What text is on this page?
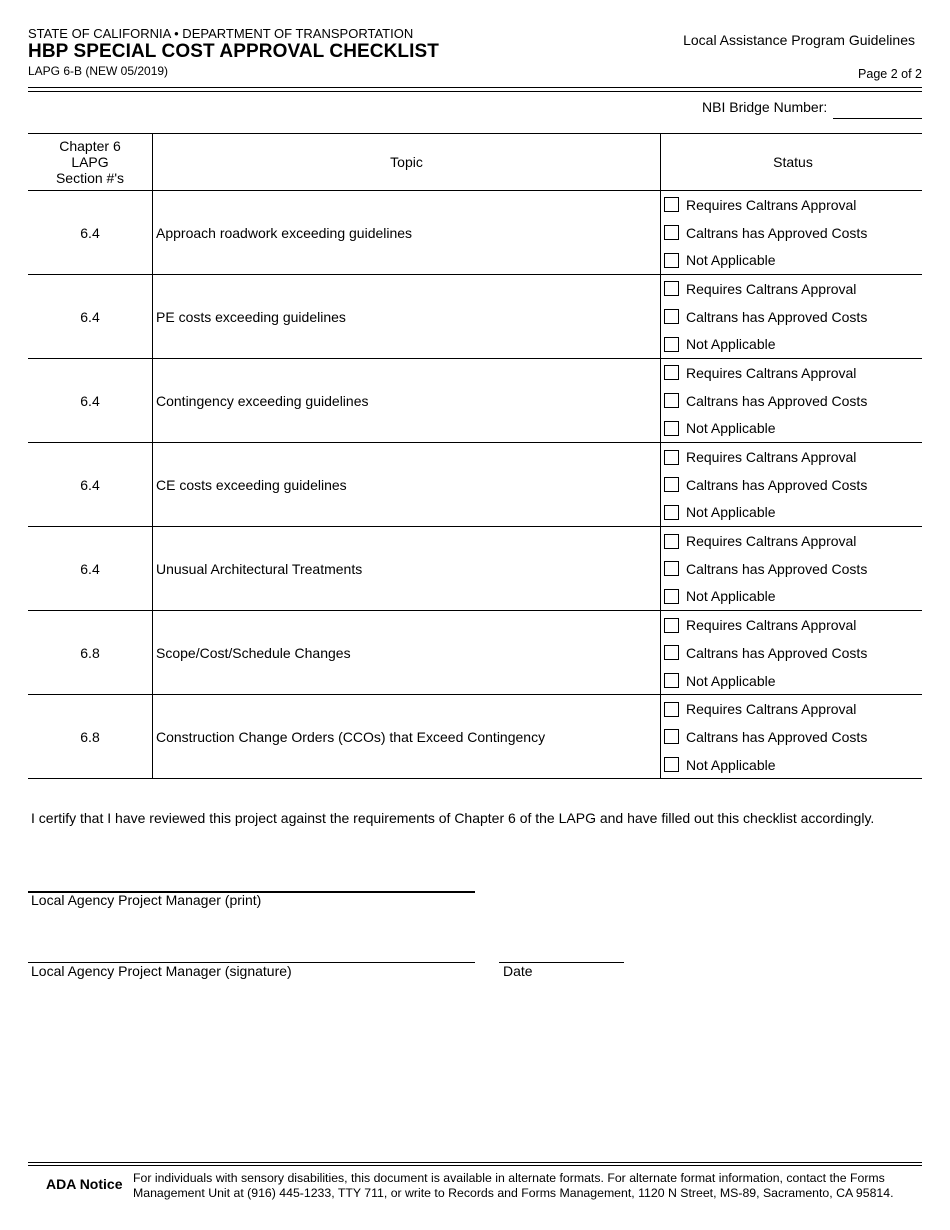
STATE OF CALIFORNIA • DEPARTMENT OF TRANSPORTATION
HBP SPECIAL COST APPROVAL CHECKLIST
LAPG 6-B (NEW 05/2019)
Local Assistance Program Guidelines
Page 2 of 2
NBI Bridge Number:
Chapter 6 LAPG Section #'s	Topic	Status
6.4	Approach roadwork exceeding guidelines	Requires Caltrans Approval
Caltrans has Approved Costs
Not Applicable

6.4	PE costs exceeding guidelines	Requires Caltrans Approval
Caltrans has Approved Costs
Not Applicable

6.4	Contingency exceeding guidelines	Requires Caltrans Approval
Caltrans has Approved Costs
Not Applicable

6.4	CE costs exceeding guidelines	Requires Caltrans Approval
Caltrans has Approved Costs
Not Applicable

6.4	Unusual Architectural Treatments	Requires Caltrans Approval
Caltrans has Approved Costs
Not Applicable

6.8	Scope/Cost/Schedule Changes	Requires Caltrans Approval
Caltrans has Approved Costs
Not Applicable

6.8	Construction Change Orders (CCOs) that Exceed Contingency	Requires Caltrans Approval
Caltrans has Approved Costs
Not Applicable
I certify that I have reviewed this project against the requirements of Chapter 6 of the LAPG and have filled out this checklist accordingly.
Local Agency Project Manager (print)
Local Agency Project Manager (signature)	Date
ADA Notice For individuals with sensory disabilities, this document is available in alternate formats. For alternate format information, contact the Forms Management Unit at (916) 445-1233, TTY 711, or write to Records and Forms Management, 1120 N Street, MS-89, Sacramento, CA 95814.
